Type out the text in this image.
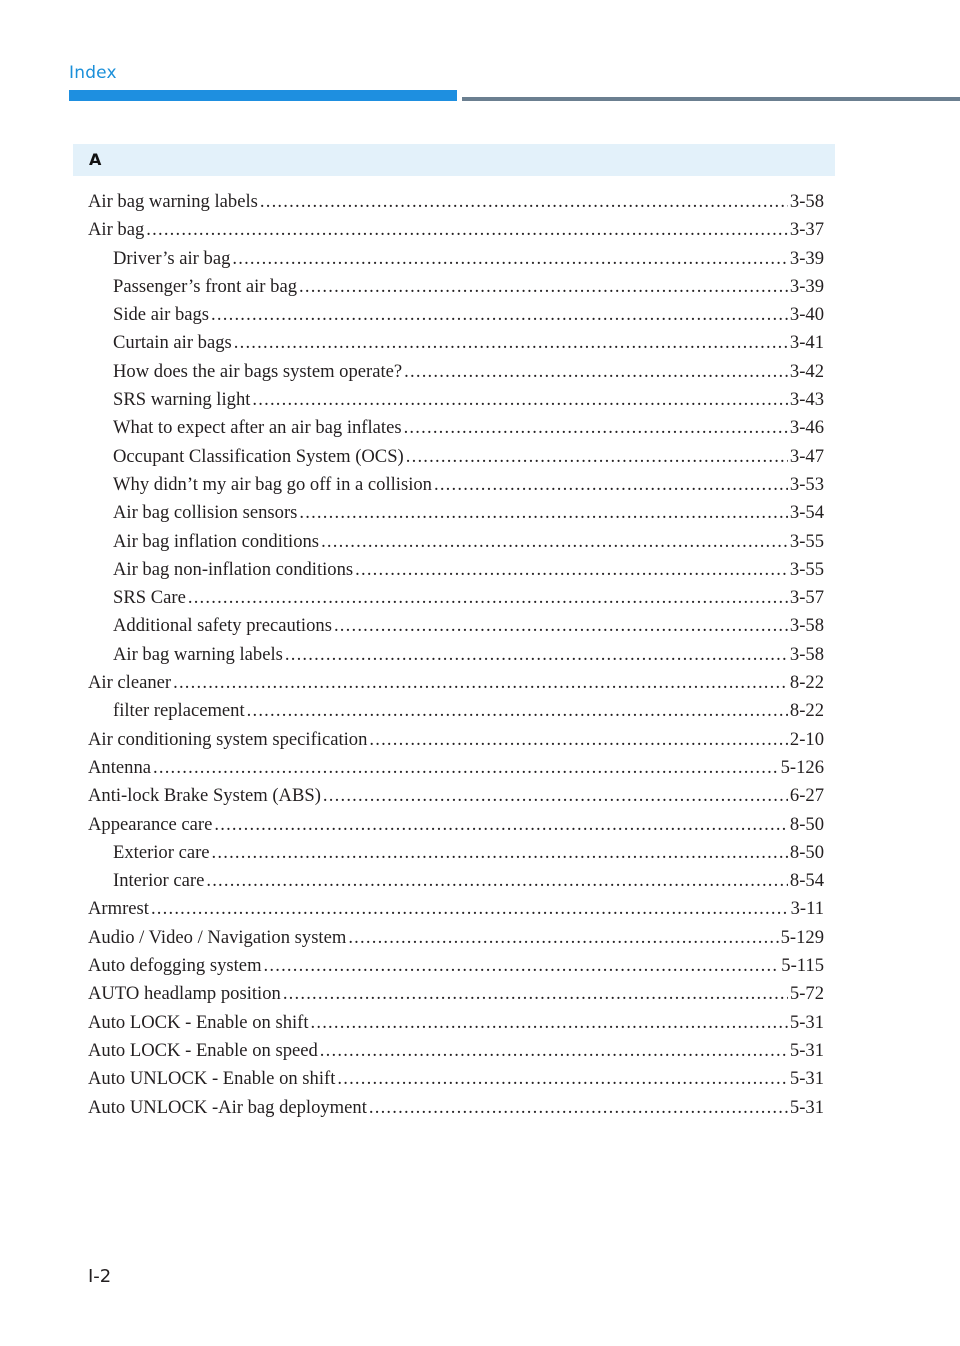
Index
A
Air bag warning labels .....	3-58
Air bag .....	3-37
Driver’s air bag .....	3-39
Passenger’s front air bag .....	3-39
Side air bags .....	3-40
Curtain air bags .....	3-41
How does the air bags system operate? .....	3-42
SRS warning light .....	3-43
What to expect after an air bag inflates .....	3-46
Occupant Classification System (OCS) .....	3-47
Why didn’t my air bag go off in a collision .....	3-53
Air bag collision sensors .....	3-54
Air bag inflation conditions .....	3-55
Air bag non-inflation conditions .....	3-55
SRS Care .....	3-57
Additional safety precautions .....	3-58
Air bag warning labels .....	3-58
Air cleaner .....	8-22
filter replacement .....	8-22
Air conditioning system specification .....	2-10
Antenna .....	5-126
Anti-lock Brake System (ABS) .....	6-27
Appearance care .....	8-50
Exterior care .....	8-50
Interior care .....	8-54
Armrest .....	3-11
Audio / Video / Navigation system .....	5-129
Auto defogging system .....	5-115
AUTO headlamp position .....	5-72
Auto LOCK - Enable on shift .....	5-31
Auto LOCK - Enable on speed .....	5-31
Auto UNLOCK - Enable on shift .....	5-31
Auto UNLOCK -Air bag deployment .....	5-31
I-2
